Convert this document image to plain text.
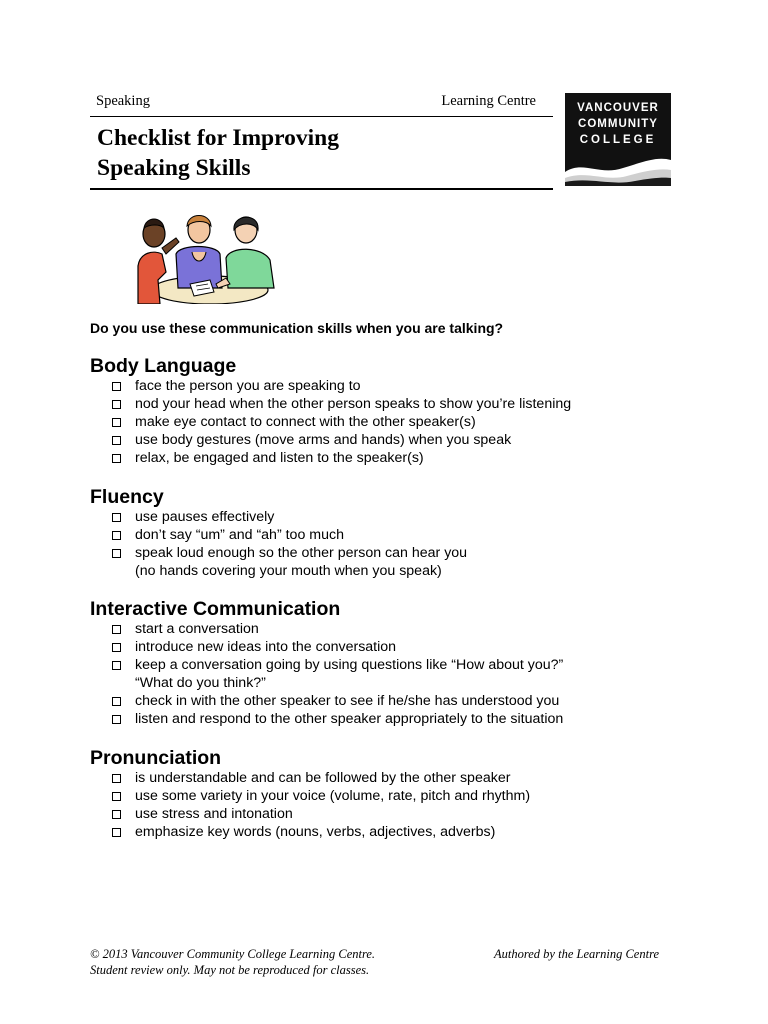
Speaking	Learning Centre
Checklist for Improving
Speaking Skills
VANCOUVER
COMMUNITY
COLLEGE
Do you use these communication skills when you are talking?
Body Language
face the person you are speaking to
nod your head when the other person speaks to show you’re listening
make eye contact to connect with the other speaker(s)
use body gestures (move arms and hands) when you speak
relax, be engaged and listen to the speaker(s)
Fluency
use pauses effectively
don’t say “um” and “ah” too much
speak loud enough so the other person can hear you
(no hands covering your mouth when you speak)
Interactive Communication
start a conversation
introduce new ideas into the conversation
keep a conversation going by using questions like “How about you?”
“What do you think?”
check in with the other speaker to see if he/she has understood you
listen and respond to the other speaker appropriately to the situation
Pronunciation
is understandable and can be followed by the other speaker
use some variety in your voice (volume, rate, pitch and rhythm)
use stress and intonation
emphasize key words (nouns, verbs, adjectives, adverbs)
© 2013 Vancouver Community College Learning Centre.
Student review only. May not be reproduced for classes.
Authored by the Learning Centre
